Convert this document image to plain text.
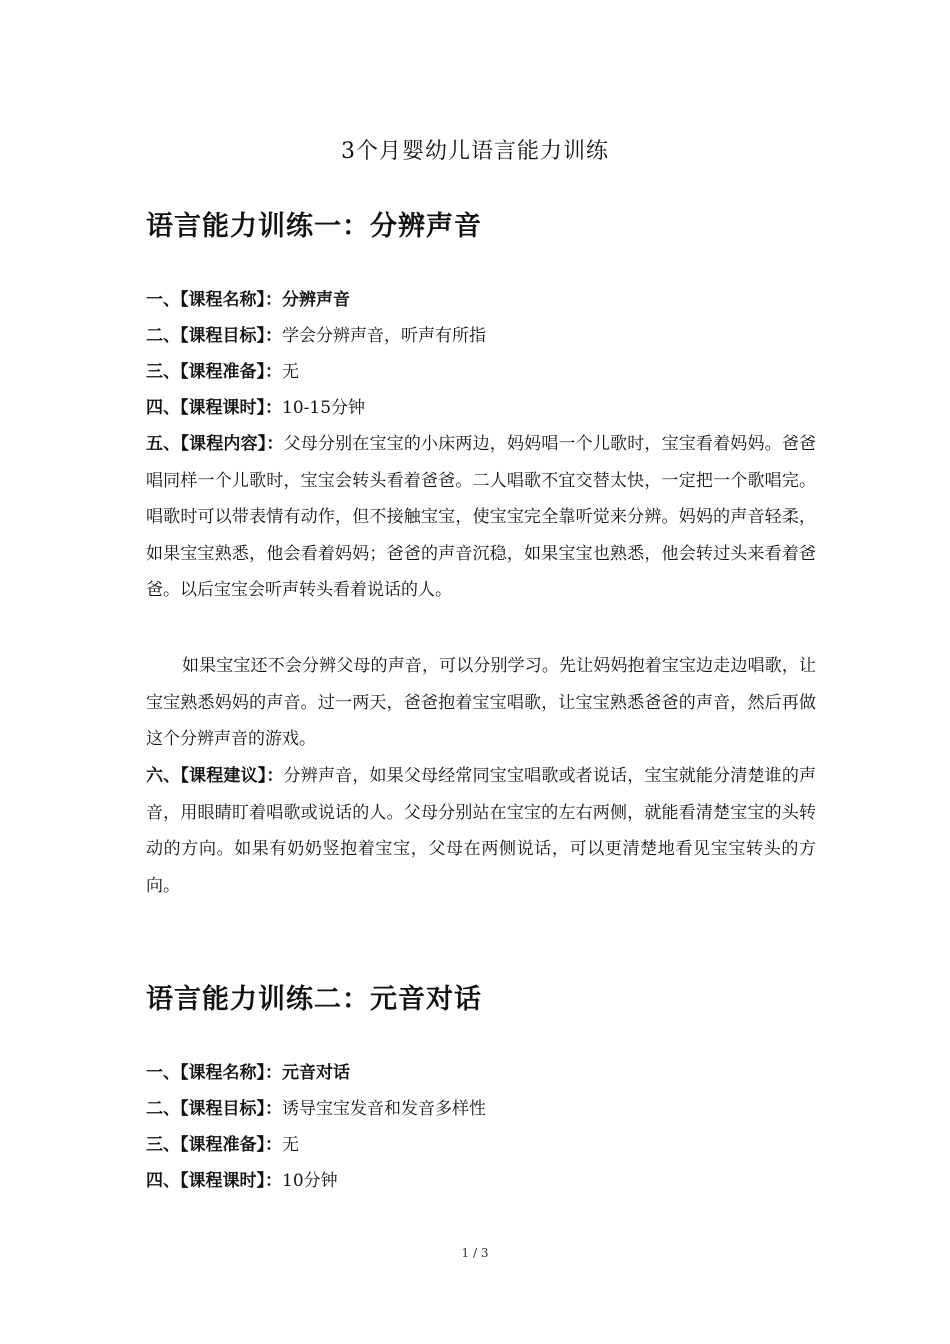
3个月婴幼儿语言能力训练
语言能力训练一：分辨声音
一、【课程名称】：分辨声音
二、【课程目标】：学会分辨声音，听声有所指
三、【课程准备】：无
四、【课程课时】：10-15分钟
五、【课程内容】：父母分别在宝宝的小床两边，妈妈唱一个儿歌时，宝宝看着妈妈。爸爸唱同样一个儿歌时，宝宝会转头看着爸爸。二人唱歌不宜交替太快，一定把一个歌唱完。唱歌时可以带表情有动作，但不接触宝宝，使宝宝完全靠听觉来分辨。妈妈的声音轻柔，如果宝宝熟悉，他会看着妈妈；爸爸的声音沉稳，如果宝宝也熟悉，他会转过头来看着爸爸。以后宝宝会听声转头看着说话的人。
如果宝宝还不会分辨父母的声音，可以分别学习。先让妈妈抱着宝宝边走边唱歌，让宝宝熟悉妈妈的声音。过一两天，爸爸抱着宝宝唱歌，让宝宝熟悉爸爸的声音，然后再做这个分辨声音的游戏。
六、【课程建议】：分辨声音，如果父母经常同宝宝唱歌或者说话，宝宝就能分清楚谁的声音，用眼睛盯着唱歌或说话的人。父母分别站在宝宝的左右两侧，就能看清楚宝宝的头转动的方向。如果有奶奶竖抱着宝宝，父母在两侧说话，可以更清楚地看见宝宝转头的方向。
语言能力训练二：元音对话
一、【课程名称】：元音对话
二、【课程目标】：诱导宝宝发音和发音多样性
三、【课程准备】：无
四、【课程课时】：10分钟
1 / 3
